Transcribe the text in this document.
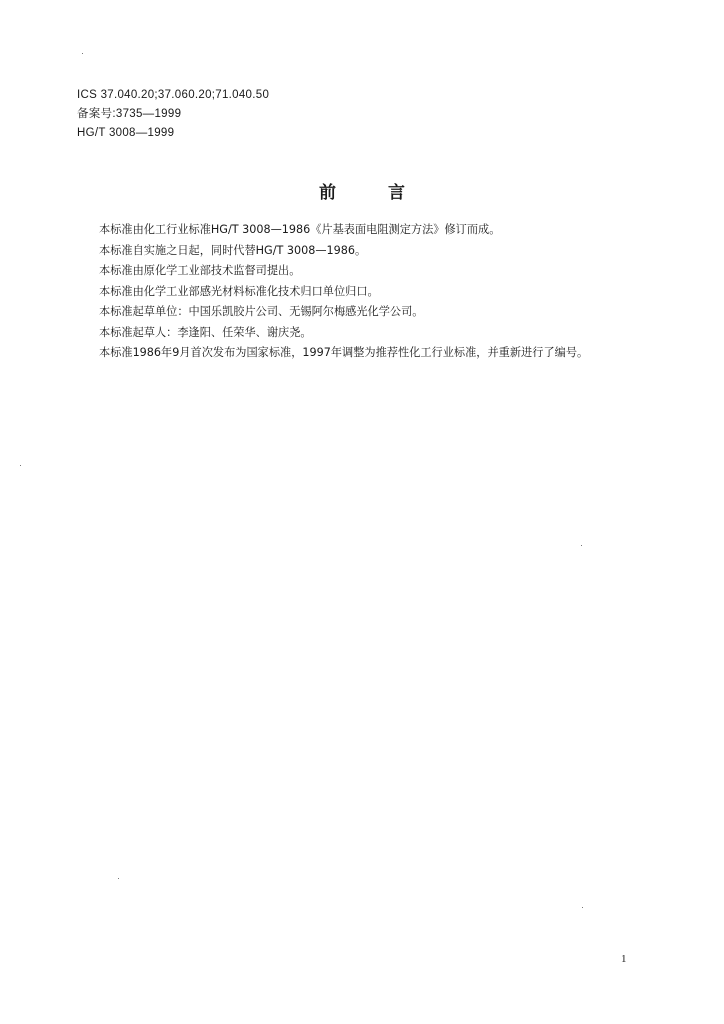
ICS 37.040.20;37.060.20;71.040.50
备案号:3735—1999
HG/T 3008—1999
前言

本标准由化工行业标准HG/T 3008—1986《片基表面电阻测定方法》修订而成。

本标准自实施之日起，同时代替HG/T 3008—1986。

本标准由原化学工业部技术监督司提出。

本标准由化学工业部感光材料标准化技术归口单位归口。

本标准起草单位：中国乐凯胶片公司、无锡阿尔梅感光化学公司。

本标准起草人：李逢阳、任荣华、谢庆尧。

本标准1986年9月首次发布为国家标准，1997年调整为推荐性化工行业标准，并重新进行了编号。

1
